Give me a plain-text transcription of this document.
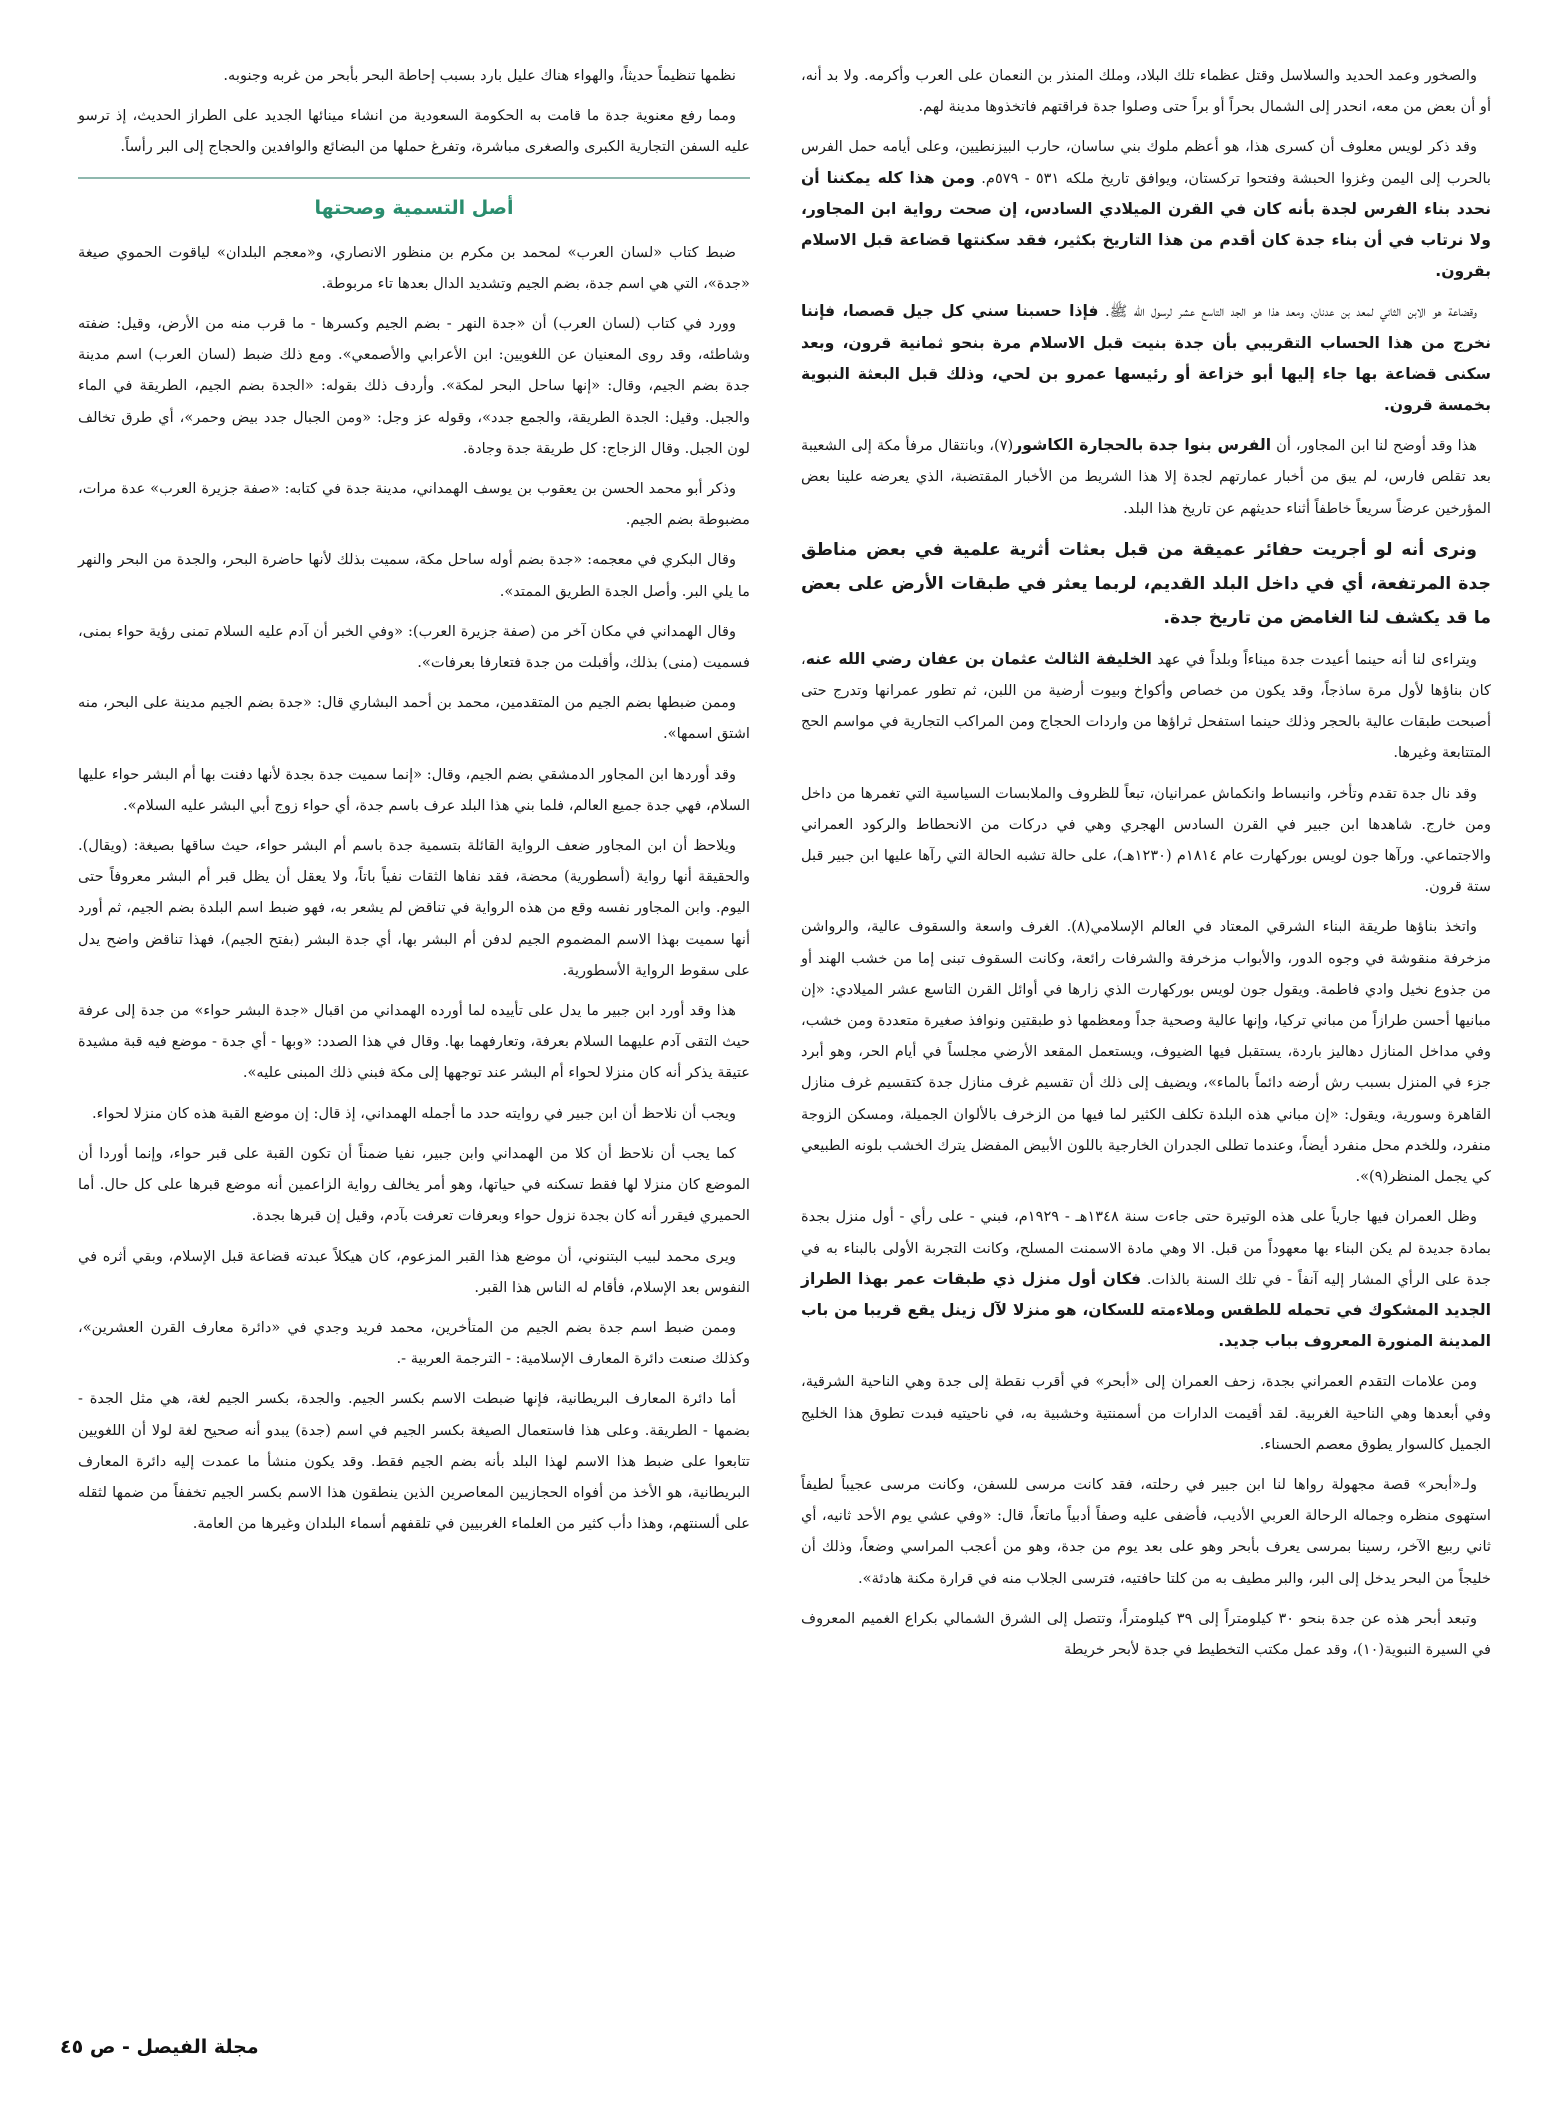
والصخور وعمد الحديد والسلاسل وقتل عظماء تلك البلاد، وملك المنذر بن النعمان على العرب وأكرمه. ولا بد أنه، أو أن بعض من معه، انحدر إلى الشمال بحراً أو براً حتى وصلوا جدة فراقتهم فاتخذوها مدينة لهم.

وقد ذكر لويس معلوف أن كسرى هذا، هو أعظم ملوك بني ساسان، حارب البيزنطيين، وعلى أيامه حمل الفرس بالحرب إلى اليمن وغزوا الحبشة وفتحوا تركستان، ويوافق تاريخ ملكه ٥٣١ - ٥٧٩م. ومن هذا كله يمكننا أن نحدد بناء الفرس لجدة بأنه كان في القرن الميلادي السادس، إن صحت رواية ابن المجاور، ولا نرتاب في أن بناء جدة كان أقدم من هذا التاريخ بكثير، فقد سكنتها قضاعة قبل الاسلام بقرون.

وقضاعة هو الابن الثاني لمعد بن عدنان، ومعد هذا هو الجد التاسع عشر لرسول الله ﷺ. فإذا حسبنا سني كل جيل قصصا، فإننا نخرج من هذا الحساب التقريبي بأن جدة بنيت قبل الاسلام مرة بنحو ثمانية قرون، وبعد سكنى قضاعة بها جاء إليها أبو خزاعة أو رئيسها عمرو بن لحي، وذلك قبل البعثة النبوية بخمسة قرون.

هذا وقد أوضح لنا ابن المجاور، أن الفرس بنوا جدة بالحجارة الكاشور(٧)، وبانتقال مرفأ مكة إلى الشعيبة بعد تقلص فارس، لم يبق من أخبار عمارتهم لجدة إلا هذا الشريط من الأخبار المقتضبة، الذي يعرضه علينا بعض المؤرخين عرضاً سريعاً خاطفاً أثناء حديثهم عن تاريخ هذا البلد.

ونرى أنه لو أجريت حفائر عميقة من قبل بعثات أثرية علمية في بعض مناطق جدة المرتفعة، أي في داخل البلد القديم، لربما يعثر في طبقات الأرض على بعض ما قد يكشف لنا الغامض من تاريخ جدة.

ويتراءى لنا أنه حينما أعيدت جدة ميناءاً وبلداً في عهد الخليفة الثالث عثمان بن عفان رضي الله عنه، كان بناؤها لأول مرة ساذجاً، وقد يكون من خصاص وأكواخ وبيوت أرضية من اللبن، ثم تطور عمرانها وتدرج حتى أصبحت طبقات عالية بالحجر وذلك حينما استفحل ثراؤها من واردات الحجاج ومن المراكب التجارية في مواسم الحج المتتابعة وغيرها.

وقد نال جدة تقدم وتأخر، وانبساط وانكماش عمرانيان، تبعاً للظروف والملابسات السياسية التي تغمرها من داخل ومن خارج. شاهدها ابن جبير في القرن السادس الهجري وهي في دركات من الانحطاط والركود العمراني والاجتماعي. ورآها جون لويس بوركهارت عام ١٨١٤م (١٢٣٠هـ)، على حالة تشبه الحالة التي رآها عليها ابن جبير قبل ستة قرون.

واتخذ بناؤها طريقة البناء الشرقي المعتاد في العالم الإسلامي(٨). الغرف واسعة والسقوف عالية، والرواشن مزخرفة منقوشة في وجوه الدور، والأبواب مزخرفة والشرفات رائعة، وكانت السقوف تبنى إما من خشب الهند أو من جذوع نخيل وادي فاطمة. ويقول جون لويس بوركهارت الذي زارها في أوائل القرن التاسع عشر الميلادي: «إن مبانيها أحسن طرازاً من مباني تركيا، وإنها عالية وصحية جداً ومعظمها ذو طبقتين ونوافذ صغيرة متعددة ومن خشب، وفي مداخل المنازل دهاليز باردة، يستقبل فيها الضيوف، ويستعمل المقعد الأرضي مجلساً في أيام الحر، وهو أبرد جزء في المنزل بسبب رش أرضه دائماً بالماء»، ويضيف إلى ذلك أن تقسيم غرف منازل جدة كتقسيم غرف منازل القاهرة وسورية، ويقول: «إن مباني هذه البلدة تكلف الكثير لما فيها من الزخرف بالألوان الجميلة، ومسكن الزوجة منفرد، وللخدم محل منفرد أيضاً، وعندما تطلى الجدران الخارجية باللون الأبيض المفضل يترك الخشب بلونه الطبيعي كي يجمل المنظر(٩)».

وظل العمران فيها جارياً على هذه الوتيرة حتى جاءت سنة ١٣٤٨هـ - ١٩٢٩م، فبني - على رأي - أول منزل بجدة بمادة جديدة لم يكن البناء بها معهوداً من قبل. الا وهي مادة الاسمنت المسلح، وكانت التجربة الأولى بالبناء به في جدة على الرأي المشار إليه آنفاً - في تلك السنة بالذات. فكان أول منزل ذي طبقات عمر بهذا الطراز الجديد المشكوك في تحمله للطقس وملاءمته للسكان، هو منزلا لآل زينل يقع قريبا من باب المدينة المنورة المعروف بباب جديد.

ومن علامات التقدم العمراني بجدة، زحف العمران إلى «أبحر» في أقرب نقطة إلى جدة وهي الناحية الشرقية، وفي أبعدها وهي الناحية الغربية. لقد أقيمت الدارات من أسمنتية وخشبية به، في ناحيتيه فبدت تطوق هذا الخليج الجميل كالسوار يطوق معصم الحسناء.

ولـ«أبحر» قصة مجهولة رواها لنا ابن جبير في رحلته، فقد كانت مرسى للسفن، وكانت مرسى عجيباً لطيفاً استهوى منظره وجماله الرحالة العربي الأديب، فأضفى عليه وصفاً أدبياً ماتعاً، قال: «وفي عشي يوم الأحد ثانيه، أي ثاني ربيع الآخر، رسينا بمرسى يعرف بأبحر وهو على بعد يوم من جدة، وهو من أعجب المراسي وضعاً، وذلك أن خليجاً من البحر يدخل إلى البر، والبر مطيف به من كلتا حافتيه، فترسى الجلاب منه في قرارة مكنة هادئة».

وتبعد أبحر هذه عن جدة بنحو ٣٠ كيلومتراً إلى ٣٩ كيلومتراً، وتتصل إلى الشرق الشمالي بكراع الغميم المعروف في السيرة النبوية(١٠)، وقد عمل مكتب التخطيط في جدة لأبحر خريطة

نظمها تنظيماً حديثاً، والهواء هناك عليل بارد بسبب إحاطة البحر بأبحر من غربه وجنوبه.

ومما رفع معنوية جدة ما قامت به الحكومة السعودية من انشاء مينائها الجديد على الطراز الحديث، إذ ترسو عليه السفن التجارية الكبرى والصغرى مباشرة، وتفرغ حملها من البضائع والوافدين والحجاج إلى البر رأساً.

أصل التسمية وصحتها

ضبط كتاب «لسان العرب» لمحمد بن مكرم بن منظور الانصاري، و«معجم البلدان» لياقوت الحموي صيغة «جدة»، التي هي اسم جدة، بضم الجيم وتشديد الدال بعدها تاء مربوطة.

وورد في كتاب (لسان العرب) أن «جدة النهر - بضم الجيم وكسرها - ما قرب منه من الأرض، وقيل: ضفته وشاطئه، وقد روى المعنيان عن اللغويين: ابن الأعرابي والأصمعي». ومع ذلك ضبط (لسان العرب) اسم مدينة جدة بضم الجيم، وقال: «إنها ساحل البحر لمكة». وأردف ذلك بقوله: «الجدة بضم الجيم، الطريقة في الماء والجبل. وقيل: الجدة الطريقة، والجمع جدد»، وقوله عز وجل: «ومن الجبال جدد بيض وحمر»، أي طرق تخالف لون الجبل. وقال الزجاج: كل طريقة جدة وجادة.

وذكر أبو محمد الحسن بن يعقوب بن يوسف الهمداني، مدينة جدة في كتابه: «صفة جزيرة العرب» عدة مرات، مضبوطة بضم الجيم.

وقال البكري في معجمه: «جدة بضم أوله ساحل مكة، سميت بذلك لأنها حاضرة البحر، والجدة من البحر والنهر ما يلي البر. وأصل الجدة الطريق الممتد».

وقال الهمداني في مكان آخر من (صفة جزيرة العرب): «وفي الخبر أن آدم عليه السلام تمنى رؤية حواء بمنى، فسميت (منى) بذلك، وأقبلت من جدة فتعارفا بعرفات».

وممن ضبطها بضم الجيم من المتقدمين، محمد بن أحمد البشاري قال: «جدة بضم الجيم مدينة على البحر، منه اشتق اسمها».

وقد أوردها ابن المجاور الدمشقي بضم الجيم، وقال: «إنما سميت جدة بجدة لأنها دفنت بها أم البشر حواء عليها السلام، فهي جدة جميع العالم، فلما بني هذا البلد عرف باسم جدة، أي حواء زوج أبي البشر عليه السلام».

ويلاحظ أن ابن المجاور ضعف الرواية القائلة بتسمية جدة باسم أم البشر حواء، حيث ساقها بصيغة: (ويقال). والحقيقة أنها رواية (أسطورية) محضة، فقد نفاها الثقات نفياً باتاً، ولا يعقل أن يظل قبر أم البشر معروفاً حتى اليوم. وابن المجاور نفسه وقع من هذه الرواية في تناقض لم يشعر به، فهو ضبط اسم البلدة بضم الجيم، ثم أورد أنها سميت بهذا الاسم المضموم الجيم لدفن أم البشر بها، أي جدة البشر (بفتح الجيم)، فهذا تناقض واضح يدل على سقوط الرواية الأسطورية.

هذا وقد أورد ابن جبير ما يدل على تأييده لما أورده الهمداني من اقبال «جدة البشر حواء» من جدة إلى عرفة حيث التقى آدم عليهما السلام بعرفة، وتعارفهما بها. وقال في هذا الصدد: «وبها - أي جدة - موضع فيه قبة مشيدة عتيقة يذكر أنه كان منزلا لحواء أم البشر عند توجهها إلى مكة فبني ذلك المبنى عليه».

ويجب أن نلاحظ أن ابن جبير في روايته حدد ما أجمله الهمداني، إذ قال: إن موضع القبة هذه كان منزلا لحواء.

كما يجب أن نلاحظ أن كلا من الهمداني وابن جبير، نفيا ضمناً أن تكون القبة على قبر حواء، وإنما أوردا أن الموضع كان منزلا لها فقط تسكنه في حياتها، وهو أمر يخالف رواية الزاعمين أنه موضع قبرها على كل حال. أما الحميري فيقرر أنه كان بجدة نزول حواء وبعرفات تعرفت بآدم، وقيل إن قبرها بجدة.

ويرى محمد لبيب البتنوني، أن موضع هذا القبر المزعوم، كان هيكلاً عبدته قضاعة قبل الإسلام، وبقي أثره في النفوس بعد الإسلام، فأقام له الناس هذا القبر.

وممن ضبط اسم جدة بضم الجيم من المتأخرين، محمد فريد وجدي في «دائرة معارف القرن العشرين»، وكذلك صنعت دائرة المعارف الإسلامية: - الترجمة العربية -.

أما دائرة المعارف البريطانية، فإنها ضبطت الاسم بكسر الجيم. والجدة، بكسر الجيم لغة، هي مثل الجدة - بضمها - الطريقة. وعلى هذا فاستعمال الصيغة بكسر الجيم في اسم (جدة) يبدو أنه صحيح لغة لولا أن اللغويين تتابعوا على ضبط هذا الاسم لهذا البلد بأنه بضم الجيم فقط. وقد يكون منشأ ما عمدت إليه دائرة المعارف البريطانية، هو الأخذ من أفواه الحجازيين المعاصرين الذين ينطقون هذا الاسم بكسر الجيم تخففاً من ضمها لثقله على ألسنتهم، وهذا دأب كثير من العلماء الغربيين في تلقفهم أسماء البلدان وغيرها من العامة.

مجلة الفيصل - ص ٤٥
